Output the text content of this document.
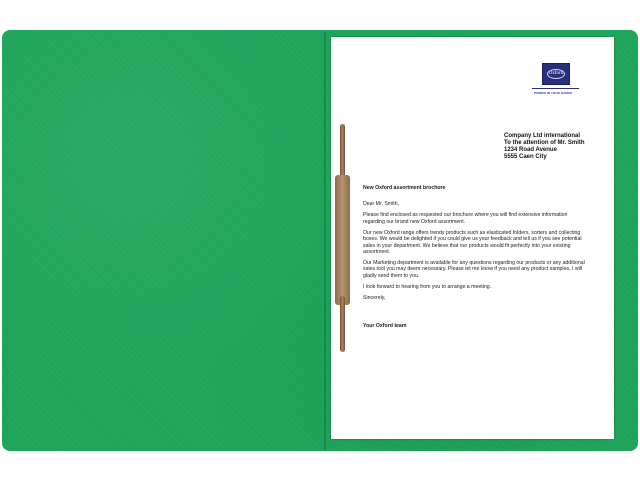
Oxford
POWER IN YOUR HANDS
Company Ltd international
To the attention of Mr. Smith
1234 Road Avenue
5555 Caen City

New Oxford assortment brochure

Dear Mr. Smith,

Please find enclosed as requested our brochure where you will find extensive information regarding our brand new Oxford assortment.

Our new Oxford range offers trendy products such as elasticated folders, sorters and collecting boxes. We would be delighted if you could give us your feedback and tell us if you see potential sales in your department. We believe that our products would fit perfectly into your existing assortment.

Our Marketing department is available for any questions regarding our products or any additional sales tool you may deem necessary. Please let me know if you need any product samples, I will gladly send them to you.

I look forward to hearing from you to arrange a meeting.

Sincerely,

Your Oxford team
